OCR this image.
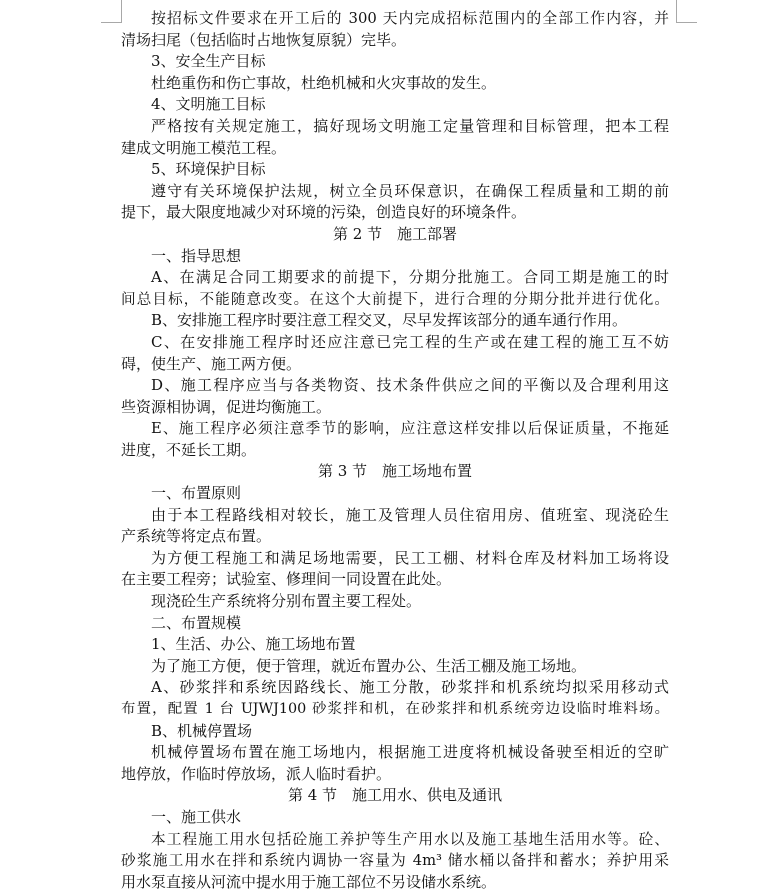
按招标文件要求在开工后的 300 天内完成招标范围内的全部工作内容，并
清场扫尾（包括临时占地恢复原貌）完毕。
3、安全生产目标
杜绝重伤和伤亡事故，杜绝机械和火灾事故的发生。
4、文明施工目标
严格按有关规定施工，搞好现场文明施工定量管理和目标管理，把本工程
建成文明施工模范工程。
5、环境保护目标
遵守有关环境保护法规，树立全员环保意识，在确保工程质量和工期的前
提下，最大限度地减少对环境的污染，创造良好的环境条件。
第 2 节　施工部署
一、指导思想
A、在满足合同工期要求的前提下，分期分批施工。合同工期是施工的时
间总目标，不能随意改变。在这个大前提下，进行合理的分期分批并进行优化。
B、安排施工程序时要注意工程交叉，尽早发挥该部分的通车通行作用。
C、在安排施工程序时还应注意已完工程的生产或在建工程的施工互不妨
碍，使生产、施工两方便。
D、施工程序应当与各类物资、技术条件供应之间的平衡以及合理利用这
些资源相协调，促进均衡施工。
E、施工程序必须注意季节的影响，应注意这样安排以后保证质量，不拖延
进度，不延长工期。
第 3 节　施工场地布置
一、布置原则
由于本工程路线相对较长，施工及管理人员住宿用房、值班室、现浇砼生
产系统等将定点布置。
为方便工程施工和满足场地需要，民工工棚、材料仓库及材料加工场将设
在主要工程旁；试验室、修理间一同设置在此处。
现浇砼生产系统将分别布置主要工程处。
二、布置规模
1、生活、办公、施工场地布置
为了施工方便，便于管理，就近布置办公、生活工棚及施工场地。
A、砂浆拌和系统因路线长、施工分散，砂浆拌和机系统均拟采用移动式
布置，配置 1 台 UJWJ100 砂浆拌和机，在砂浆拌和机系统旁边设临时堆料场。
B、机械停置场
机械停置场布置在施工场地内，根据施工进度将机械设备驶至相近的空旷
地停放，作临时停放场，派人临时看护。
第 4 节　施工用水、供电及通讯
一、施工供水
本工程施工用水包括砼施工养护等生产用水以及施工基地生活用水等。砼、
砂浆施工用水在拌和系统内调协一容量为 4m³ 储水桶以备拌和蓄水；养护用采
用水泵直接从河流中提水用于施工部位不另设储水系统。
